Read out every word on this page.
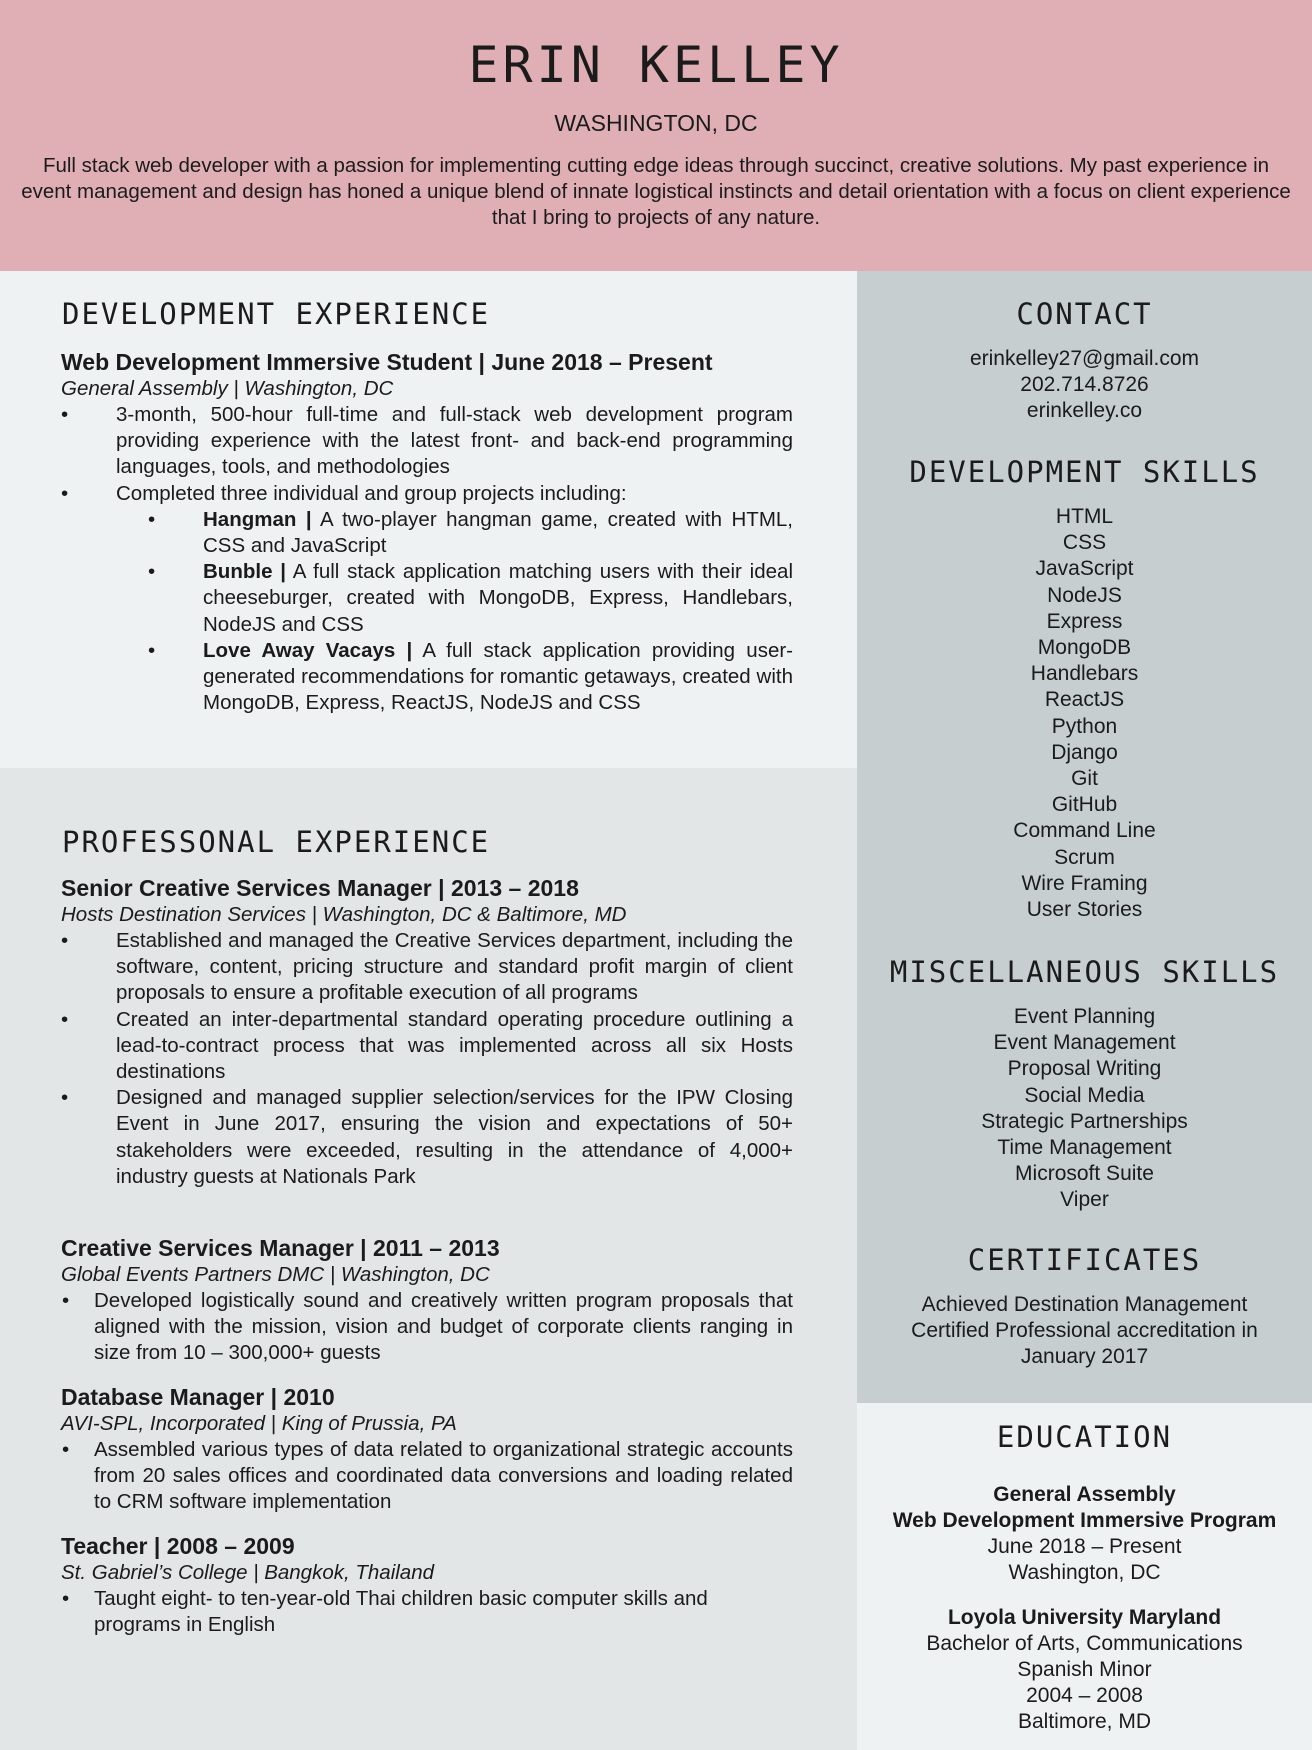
ERIN KELLEY
WASHINGTON, DC
Full stack web developer with a passion for implementing cutting edge ideas through succinct, creative solutions. My past experience in event management and design has honed a unique blend of innate logistical instincts and detail orientation with a focus on client experience that I bring to projects of any nature.
DEVELOPMENT EXPERIENCE
Web Development Immersive Student | June 2018 – Present
General Assembly | Washington, DC
• 3-month, 500-hour full-time and full-stack web development program providing experience with the latest front- and back-end programming languages, tools, and methodologies
• Completed three individual and group projects including:
• Hangman | A two-player hangman game, created with HTML, CSS and JavaScript
• Bunble | A full stack application matching users with their ideal cheeseburger, created with MongoDB, Express, Handlebars, NodeJS and CSS
• Love Away Vacays | A full stack application providing user-generated recommendations for romantic getaways, created with MongoDB, Express, ReactJS, NodeJS and CSS
PROFESSONAL EXPERIENCE
Senior Creative Services Manager | 2013 – 2018
Hosts Destination Services | Washington, DC & Baltimore, MD
• Established and managed the Creative Services department, including the software, content, pricing structure and standard profit margin of client proposals to ensure a profitable execution of all programs
• Created an inter-departmental standard operating procedure outlining a lead-to-contract process that was implemented across all six Hosts destinations
• Designed and managed supplier selection/services for the IPW Closing Event in June 2017, ensuring the vision and expectations of 50+ stakeholders were exceeded, resulting in the attendance of 4,000+ industry guests at Nationals Park
Creative Services Manager | 2011 – 2013
Global Events Partners DMC | Washington, DC
• Developed logistically sound and creatively written program proposals that aligned with the mission, vision and budget of corporate clients ranging in size from 10 – 300,000+ guests
Database Manager | 2010
AVI-SPL, Incorporated | King of Prussia, PA
• Assembled various types of data related to organizational strategic accounts from 20 sales offices and coordinated data conversions and loading related to CRM software implementation
Teacher | 2008 – 2009
St. Gabriel’s College | Bangkok, Thailand
• Taught eight- to ten-year-old Thai children basic computer skills and programs in English
CONTACT
erinkelley27@gmail.com
202.714.8726
erinkelley.co
DEVELOPMENT SKILLS
HTML
CSS
JavaScript
NodeJS
Express
MongoDB
Handlebars
ReactJS
Python
Django
Git
GitHub
Command Line
Scrum
Wire Framing
User Stories
MISCELLANEOUS SKILLS
Event Planning
Event Management
Proposal Writing
Social Media
Strategic Partnerships
Time Management
Microsoft Suite
Viper
CERTIFICATES
Achieved Destination Management
Certified Professional accreditation in
January 2017
EDUCATION
General Assembly
Web Development Immersive Program
June 2018 – Present
Washington, DC
Loyola University Maryland
Bachelor of Arts, Communications
Spanish Minor
2004 – 2008
Baltimore, MD
